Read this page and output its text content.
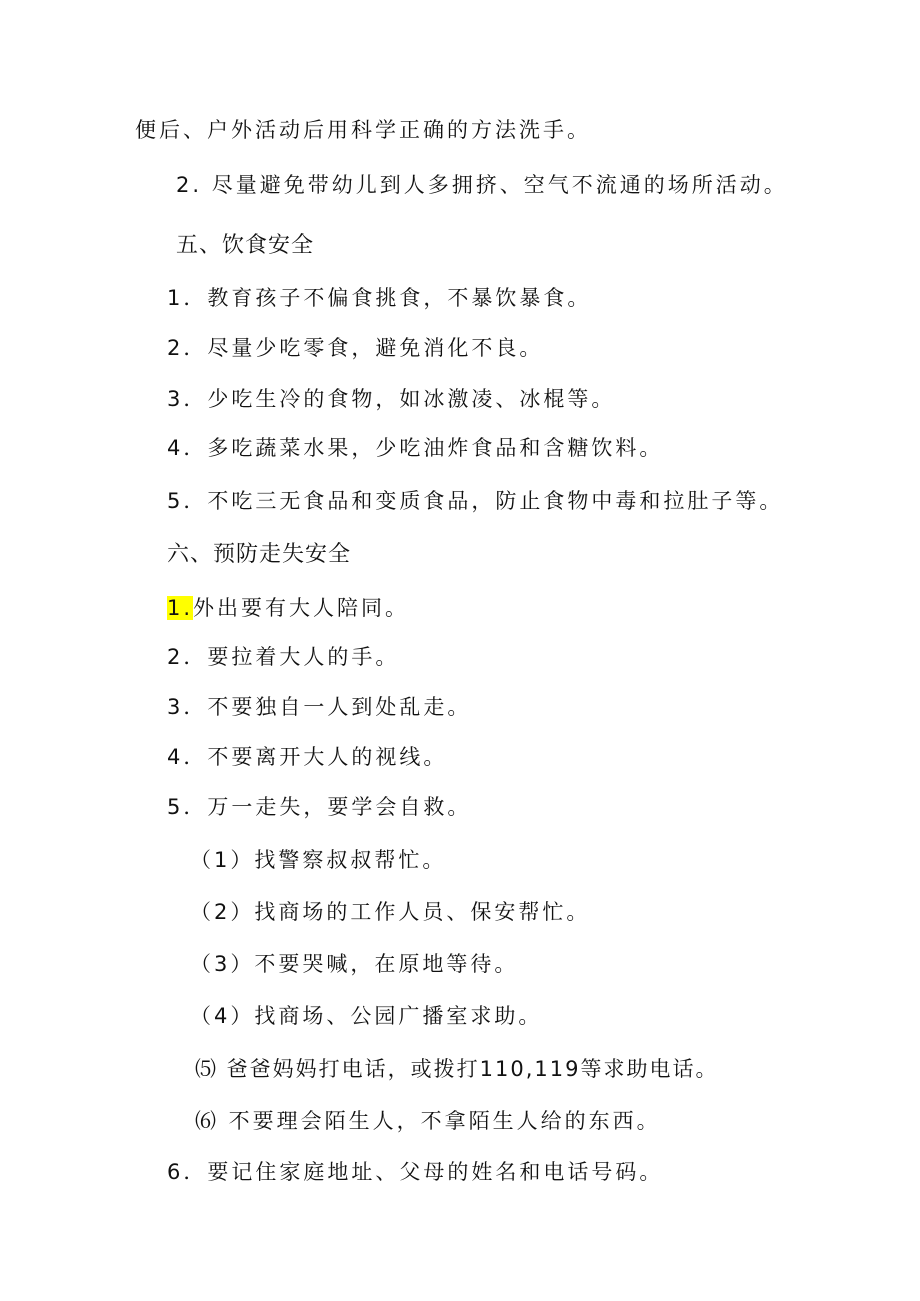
便后、户外活动后用科学正确的方法洗手。
2. 尽量避免带幼儿到人多拥挤、空气不流通的场所活动。
五、饮食安全
1．教育孩子不偏食挑食，不暴饮暴食。
2．尽量少吃零食，避免消化不良。
3．少吃生冷的食物，如冰激凌、冰棍等。
4．多吃蔬菜水果，少吃油炸食品和含糖饮料。
5．不吃三无食品和变质食品，防止食物中毒和拉肚子等。
六、预防走失安全
1.外出要有大人陪同。
2．要拉着大人的手。
3．不要独自一人到处乱走。
4．不要离开大人的视线。
5．万一走失，要学会自救。
（1）找警察叔叔帮忙。
（2）找商场的工作人员、保安帮忙。
（3）不要哭喊，在原地等待。
（4）找商场、公园广播室求助。
⑸ 爸爸妈妈打电话，或拨打110,119等求助电话。
⑹ 不要理会陌生人，不拿陌生人给的东西。
6．要记住家庭地址、父母的姓名和电话号码。
